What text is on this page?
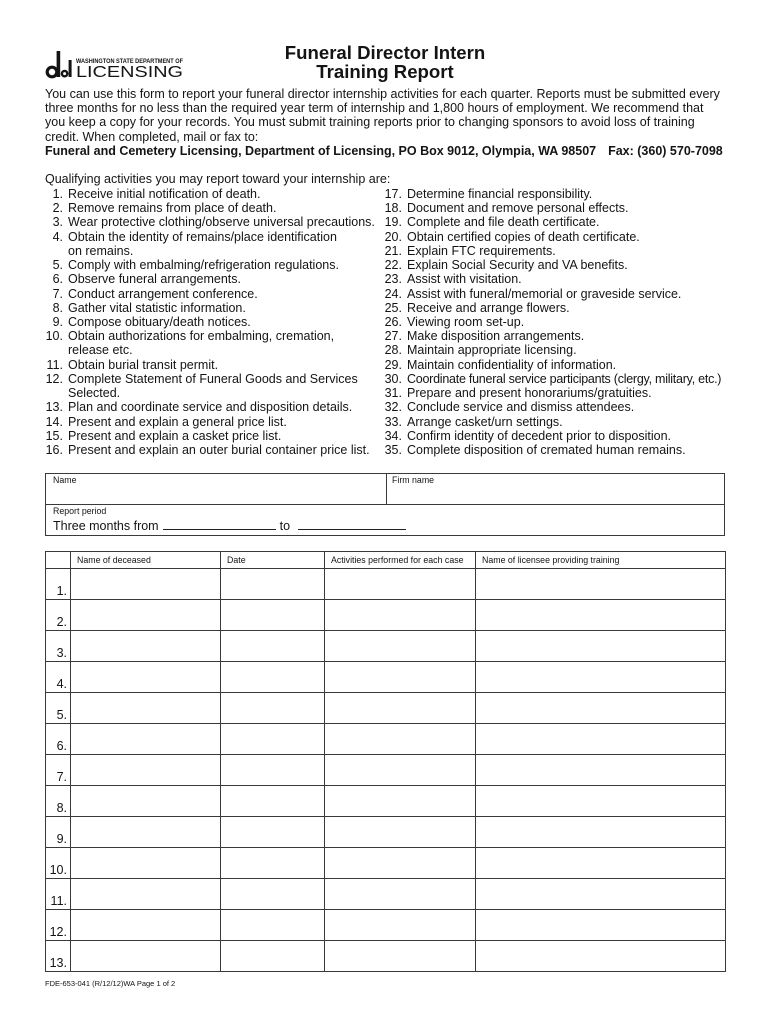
WASHINGTON STATE DEPARTMENT OF
LICENSING
Funeral Director Intern
Training Report
You can use this form to report your funeral director internship activities for each quarter. Reports must be submitted every
three months for no less than the required year term of internship and 1,800 hours of employment. We recommend that
you keep a copy for your records. You must submit training reports prior to changing sponsors to avoid loss of training
credit. When completed, mail or fax to:
Funeral and Cemetery Licensing, Department of Licensing, PO Box 9012, Olympia, WA 98507 Fax: (360) 570-7098
Qualifying activities you may report toward your internship are:
1. Receive initial notification of death.
2. Remove remains from place of death.
3. Wear protective clothing/observe universal precautions.
4. Obtain the identity of remains/place identification
on remains.
5. Comply with embalming/refrigeration regulations.
6. Observe funeral arrangements.
7. Conduct arrangement conference.
8. Gather vital statistic information.
9. Compose obituary/death notices.
10. Obtain authorizations for embalming, cremation,
release etc.
11. Obtain burial transit permit.
12. Complete Statement of Funeral Goods and Services
Selected.
13. Plan and coordinate service and disposition details.
14. Present and explain a general price list.
15. Present and explain a casket price list.
16. Present and explain an outer burial container price list.
17. Determine financial responsibility.
18. Document and remove personal effects.
19. Complete and file death certificate.
20. Obtain certified copies of death certificate.
21. Explain FTC requirements.
22. Explain Social Security and VA benefits.
23. Assist with visitation.
24. Assist with funeral/memorial or graveside service.
25. Receive and arrange flowers.
26. Viewing room set-up.
27. Make disposition arrangements.
28. Maintain appropriate licensing.
29. Maintain confidentiality of information.
30. Coordinate funeral service participants (clergy, military, etc.)
31. Prepare and present honorariums/gratuities.
32. Conclude service and dismiss attendees.
33. Arrange casket/urn settings.
34. Confirm identity of decedent prior to disposition.
35. Complete disposition of cremated human remains.
Name	Firm name
Report period
Three months from	to
	Name of deceased	Date	Activities performed for each case	Name of licensee providing training
1.				
2.				
3.				
4.				
5.				
6.				
7.				
8.				
9.				
10.				
11.				
12.				
13.				
FDE-653-041 (R/12/12)WA Page 1 of 2
